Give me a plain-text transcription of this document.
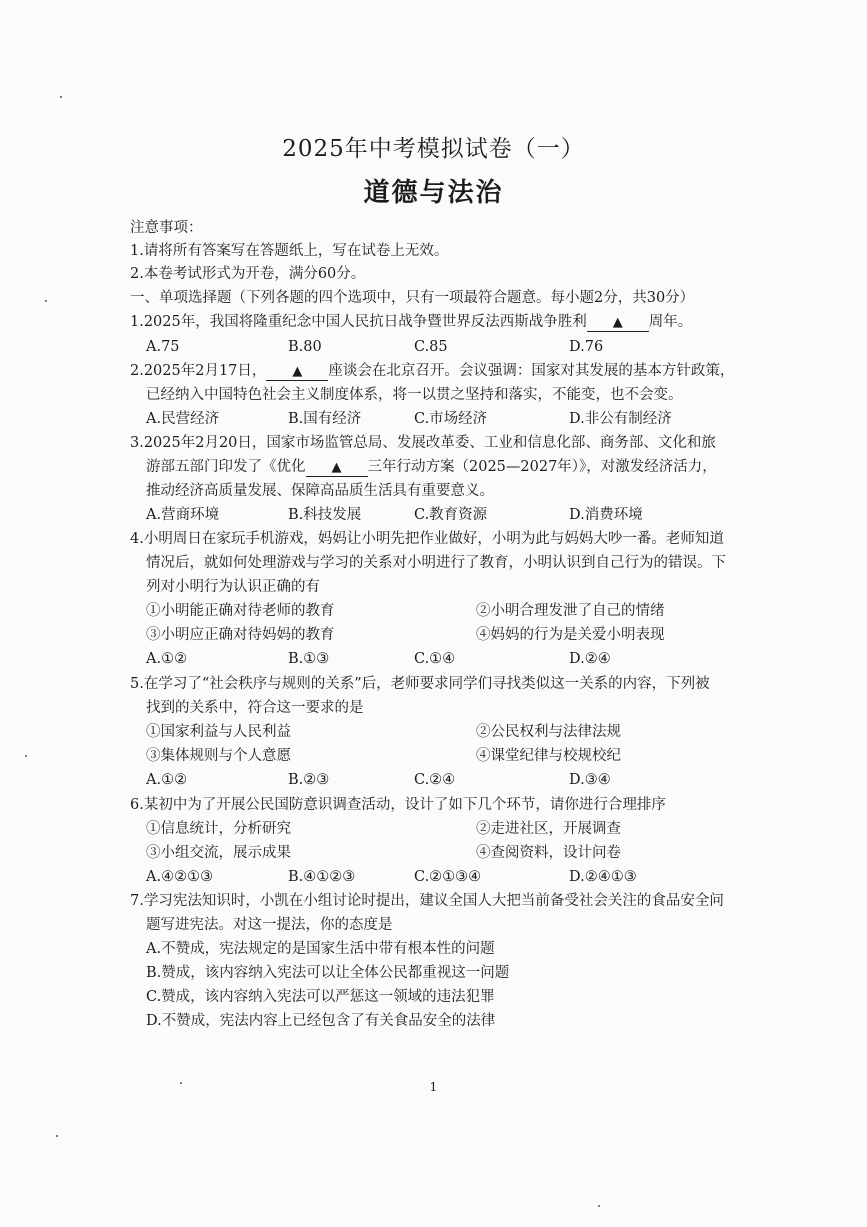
2025年中考模拟试卷（一）
道德与法治
注意事项：
1.请将所有答案写在答题纸上，写在试卷上无效。
2.本卷考试形式为开卷，满分60分。
一、单项选择题（下列各题的四个选项中，只有一项最符合题意。每小题2分，共30分）
1.2025年，我国将隆重纪念中国人民抗日战争暨世界反法西斯战争胜利 ▲ 周年。
A.75	B.80	C.85	D.76
2.2025年2月17日， ▲ 座谈会在北京召开。会议强调：国家对其发展的基本方针政策，
已经纳入中国特色社会主义制度体系，将一以贯之坚持和落实，不能变，也不会变。
A.民营经济	B.国有经济	C.市场经济	D.非公有制经济
3.2025年2月20日，国家市场监管总局、发展改革委、工业和信息化部、商务部、文化和旅
游部五部门印发了《优化 ▲ 三年行动方案（2025—2027年）》，对激发经济活力，
推动经济高质量发展、保障高品质生活具有重要意义。
A.营商环境	B.科技发展	C.教育资源	D.消费环境
4.小明周日在家玩手机游戏，妈妈让小明先把作业做好，小明为此与妈妈大吵一番。老师知道
情况后，就如何处理游戏与学习的关系对小明进行了教育，小明认识到自己行为的错误。下
列对小明行为认识正确的有
①小明能正确对待老师的教育	②小明合理发泄了自己的情绪
③小明应正确对待妈妈的教育	④妈妈的行为是关爱小明表现
A.①②	B.①③	C.①④	D.②④
5.在学习了“社会秩序与规则的关系”后，老师要求同学们寻找类似这一关系的内容，下列被
找到的关系中，符合这一要求的是
①国家利益与人民利益	②公民权利与法律法规
③集体规则与个人意愿	④课堂纪律与校规校纪
A.①②	B.②③	C.②④	D.③④
6.某初中为了开展公民国防意识调查活动，设计了如下几个环节，请你进行合理排序
①信息统计，分析研究	②走进社区，开展调查
③小组交流，展示成果	④查阅资料，设计问卷
A.④②①③	B.④①②③	C.②①③④	D.②④①③
7.学习宪法知识时，小凯在小组讨论时提出，建议全国人大把当前备受社会关注的食品安全问
题写进宪法。对这一提法，你的态度是
A.不赞成，宪法规定的是国家生活中带有根本性的问题
B.赞成，该内容纳入宪法可以让全体公民都重视这一问题
C.赞成，该内容纳入宪法可以严惩这一领域的违法犯罪
D.不赞成，宪法内容上已经包含了有关食品安全的法律
1
